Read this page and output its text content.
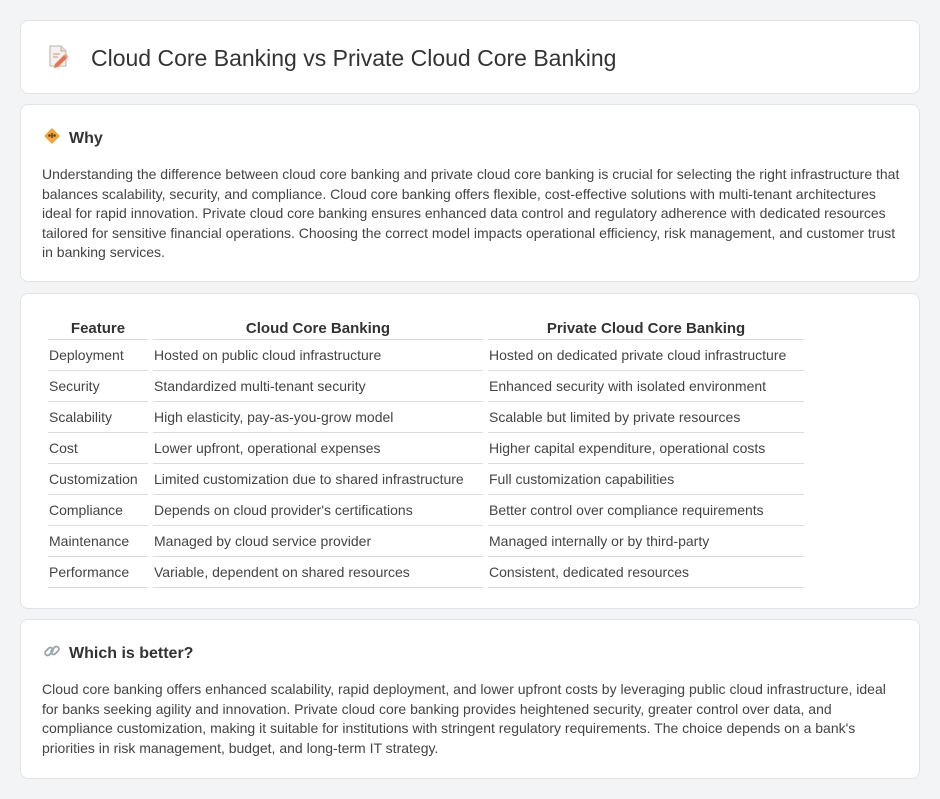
Cloud Core Banking vs Private Cloud Core Banking
Why

Understanding the difference between cloud core banking and private cloud core banking is crucial for selecting the right infrastructure that balances scalability, security, and compliance. Cloud core banking offers flexible, cost-effective solutions with multi-tenant architectures ideal for rapid innovation. Private cloud core banking ensures enhanced data control and regulatory adherence with dedicated resources tailored for sensitive financial operations. Choosing the correct model impacts operational efficiency, risk management, and customer trust in banking services.

Feature	Cloud Core Banking	Private Cloud Core Banking
Deployment	Hosted on public cloud infrastructure	Hosted on dedicated private cloud infrastructure
Security	Standardized multi-tenant security	Enhanced security with isolated environment
Scalability	High elasticity, pay-as-you-grow model	Scalable but limited by private resources
Cost	Lower upfront, operational expenses	Higher capital expenditure, operational costs
Customization	Limited customization due to shared infrastructure	Full customization capabilities
Compliance	Depends on cloud provider's certifications	Better control over compliance requirements
Maintenance	Managed by cloud service provider	Managed internally or by third-party
Performance	Variable, dependent on shared resources	Consistent, dedicated resources
Which is better?

Cloud core banking offers enhanced scalability, rapid deployment, and lower upfront costs by leveraging public cloud infrastructure, ideal for banks seeking agility and innovation. Private cloud core banking provides heightened security, greater control over data, and compliance customization, making it suitable for institutions with stringent regulatory requirements. The choice depends on a bank's priorities in risk management, budget, and long-term IT strategy.
